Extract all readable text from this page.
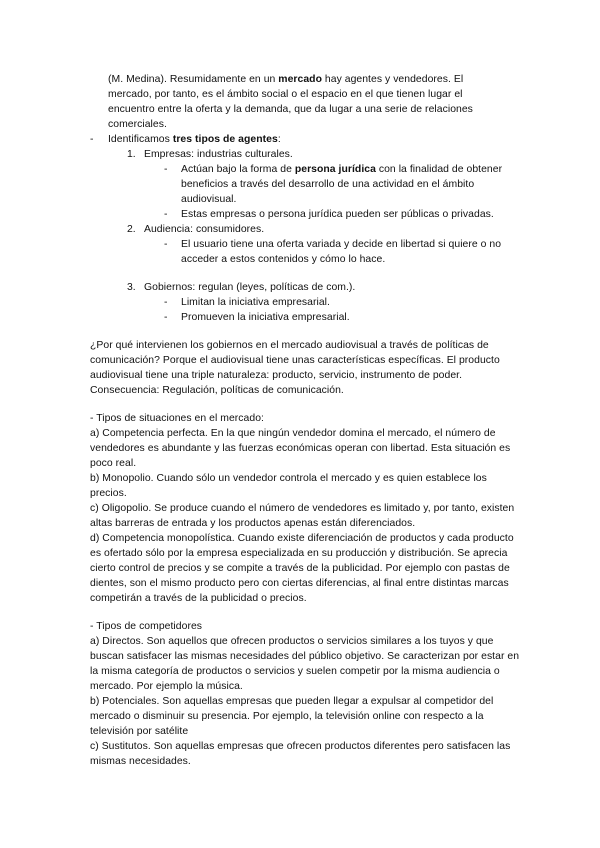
(M. Medina). Resumidamente en un mercado hay agentes y vendedores. El
mercado, por tanto, es el ámbito social o el espacio en el que tienen lugar el
encuentro entre la oferta y la demanda, que da lugar a una serie de relaciones
comerciales.
- Identificamos tres tipos de agentes:
1. Empresas: industrias culturales.
- Actúan bajo la forma de persona jurídica con la finalidad de obtener
beneficios a través del desarrollo de una actividad en el ámbito
audiovisual.
- Estas empresas o persona jurídica pueden ser públicas o privadas.
2. Audiencia: consumidores.
- El usuario tiene una oferta variada y decide en libertad si quiere o no
acceder a estos contenidos y cómo lo hace.
3. Gobiernos: regulan (leyes, políticas de com.).
- Limitan la iniciativa empresarial.
- Promueven la iniciativa empresarial.
¿Por qué intervienen los gobiernos en el mercado audiovisual a través de políticas de
comunicación? Porque el audiovisual tiene unas características específicas. El producto
audiovisual tiene una triple naturaleza: producto, servicio, instrumento de poder.
Consecuencia: Regulación, políticas de comunicación.
- Tipos de situaciones en el mercado:
a) Competencia perfecta. En la que ningún vendedor domina el mercado, el número de
vendedores es abundante y las fuerzas económicas operan con libertad. Esta situación es
poco real.
b) Monopolio. Cuando sólo un vendedor controla el mercado y es quien establece los
precios.
c) Oligopolio. Se produce cuando el número de vendedores es limitado y, por tanto, existen
altas barreras de entrada y los productos apenas están diferenciados.
d) Competencia monopolística. Cuando existe diferenciación de productos y cada producto
es ofertado sólo por la empresa especializada en su producción y distribución. Se aprecia
cierto control de precios y se compite a través de la publicidad. Por ejemplo con pastas de
dientes, son el mismo producto pero con ciertas diferencias, al final entre distintas marcas
competirán a través de la publicidad o precios.
- Tipos de competidores
a) Directos. Son aquellos que ofrecen productos o servicios similares a los tuyos y que
buscan satisfacer las mismas necesidades del público objetivo. Se caracterizan por estar en
la misma categoría de productos o servicios y suelen competir por la misma audiencia o
mercado. Por ejemplo la música.
b) Potenciales. Son aquellas empresas que pueden llegar a expulsar al competidor del
mercado o disminuir su presencia. Por ejemplo, la televisión online con respecto a la
televisión por satélite
c) Sustitutos. Son aquellas empresas que ofrecen productos diferentes pero satisfacen las
mismas necesidades.
